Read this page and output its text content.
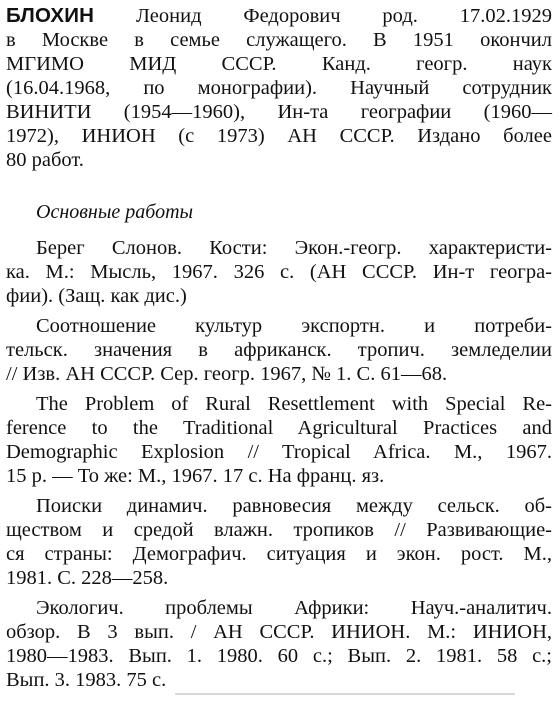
БЛОХИН Леонид Федорович род. 17.02.1929
в Москве в семье служащего. В 1951 окончил
МГИМО МИД СССР. Канд. геогр. наук
(16.04.1968, по монографии). Научный сотрудник
ВИНИТИ (1954—1960), Ин-та географии (1960—
1972), ИНИОН (с 1973) АН СССР. Издано более
80 работ.
Основные работы
Берег Слонов. Кости: Экон.-геогр. характеристи-
ка. М.: Мысль, 1967. 326 с. (АН СССР. Ин-т геогра-
фии). (Защ. как дис.)
Соотношение культур экспортн. и потреби-
тельск. значения в африканск. тропич. земледелии
// Изв. АН СССР. Сер. геогр. 1967, № 1. С. 61—68.
The Problem of Rural Resettlement with Special Re-
ference to the Traditional Agricultural Practices and
Demographic Explosion // Tropical Africa. M., 1967.
15 р. — То же: М., 1967. 17 с. На франц. яз.
Поиски динамич. равновесия между сельск. об-
ществом и средой влажн. тропиков // Развивающие-
ся страны: Демографич. ситуация и экон. рост. М.,
1981. С. 228—258.
Экологич. проблемы Африки: Науч.-аналитич.
обзор. В 3 вып. / АН СССР. ИНИОН. М.: ИНИОН,
1980—1983. Вып. 1. 1980. 60 с.; Вып. 2. 1981. 58 с.;
Вып. 3. 1983. 75 с.
